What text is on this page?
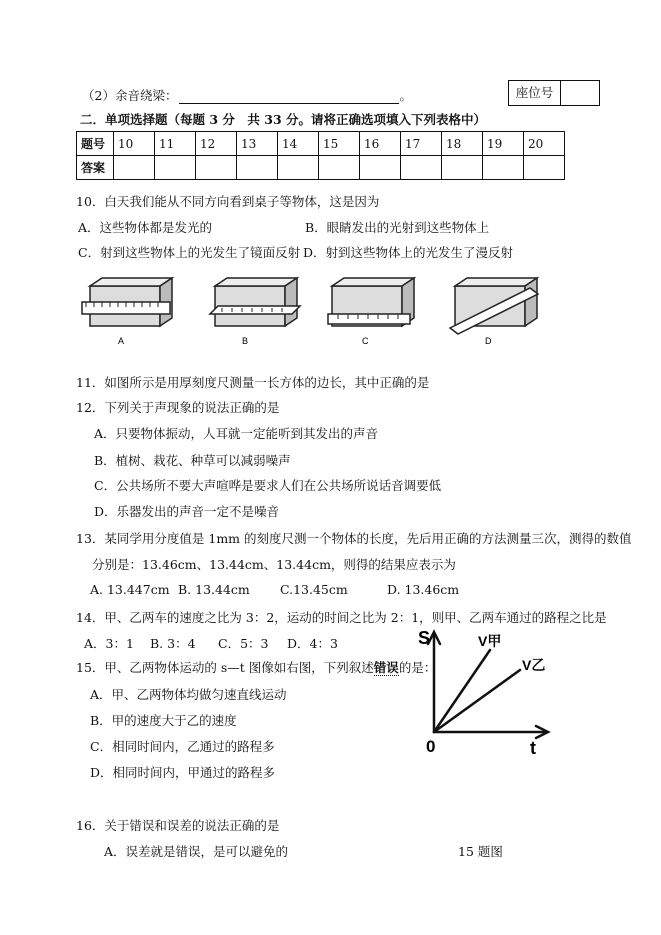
（2）余音绕梁：	。	座位号
二．单项选择题（每题 3 分　共 33 分。请将正确选项填入下列表格中）
题号	10	11	12	13	14	15	16	17	18	19	20
答案											
10．白天我们能从不同方向看到桌子等物体，这是因为
A．这些物体都是发光的	B．眼睛发出的光射到这些物体上
C．射到这些物体上的光发生了镜面反射 D．射到这些物体上的光发生了漫反射
A	B	C	D
11．如图所示是用厚刻度尺测量一长方体的边长，其中正确的是
12．下列关于声现象的说法正确的是
A．只要物体振动，人耳就一定能听到其发出的声音
B．植树、栽花、种草可以减弱噪声
C．公共场所不要大声喧哗是要求人们在公共场所说话音调要低
D．乐器发出的声音一定不是噪音
13．某同学用分度值是 1mm 的刻度尺测一个物体的长度，先后用正确的方法测量三次，测得的数值
分别是：13.46cm、13.44cm、13.44cm，则得的结果应表示为
A. 13.447cm B. 13.44cm C.13.45cm	D. 13.46cm
14．甲、乙两车的速度之比为 3：2，运动的时间之比为 2：1，则甲、乙两车通过的路程之比是
A．3：1 B. 3：4 C．5：3 D．4：3
15．甲、乙两物体运动的 s—t 图像如右图，下列叙述错误的是：
A．甲、乙两物体均做匀速直线运动
B．甲的速度大于乙的速度
C．相同时间内，乙通过的路程多
D．相同时间内，甲通过的路程多
S
t
0
V甲
V乙
16．关于错误和误差的说法正确的是
A．误差就是错误，是可以避免的	15 题图
